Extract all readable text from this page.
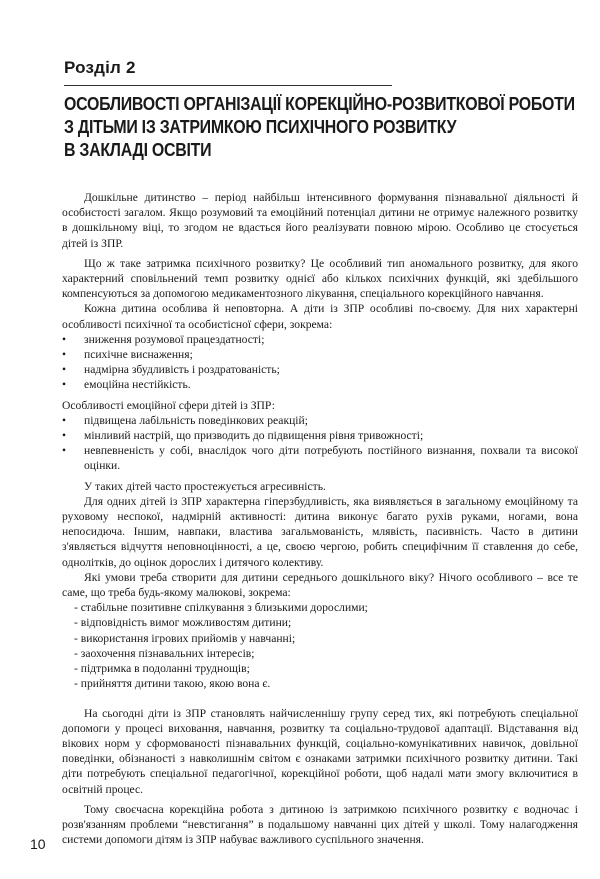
Розділ 2
ОСОБЛИВОСТІ ОРГАНІЗАЦІЇ КОРЕКЦІЙНО-РОЗВИТКОВОЇ РОБОТИ
З ДІТЬМИ ІЗ ЗАТРИМКОЮ ПСИХІЧНОГО РОЗВИТКУ
В ЗАКЛАДІ ОСВІТИ

Дошкільне дитинство – період найбільш інтенсивного формування пізнавальної діяльності й особистості загалом. Якщо розумовий та емоційний потенціал дитини не отримує належного розвитку в дошкільному віці, то згодом не вдасться його реалізувати повною мірою. Особливо це стосується дітей із ЗПР.

Що ж таке затримка психічного розвитку? Це особливий тип аномального розвитку, для якого характерний сповільнений темп розвитку однієї або кількох психічних функцій, які здебільшого компенсуються за допомогою медикаментозного лікування, спеціального корекційного навчання.

Кожна дитина особлива й неповторна. А діти із ЗПР особливі по-своєму. Для них характерні особливості психічної та особистісної сфери, зокрема:

• зниження розумової працездатності;
• психічне виснаження;
• надмірна збудливість і роздратованість;
• емоційна нестійкість.

Особливості емоційної сфери дітей із ЗПР:

• підвищена лабільність поведінкових реакцій;
• мінливий настрій, що призводить до підвищення рівня тривожності;
• невпевненість у собі, внаслідок чого діти потребують постійного визнання, похвали та високої оцінки.

У таких дітей часто простежується агресивність.

Для одних дітей із ЗПР характерна гіперзбудливість, яка виявляється в загальному емоційному та руховому неспокої, надмірній активності: дитина виконує багато рухів руками, ногами, вона непосидюча. Іншим, навпаки, властива загальмованість, млявість, пасивність. Часто в дитини з'являється відчуття неповноцінності, а це, своєю чергою, робить специфічним її ставлення до себе, одноліткiв, до оцінок дорослих і дитячого колективу.

Які умови треба створити для дитини середнього дошкільного віку? Нічого особливого – все те саме, що треба будь-якому малюкові, зокрема:

- стабільне позитивне спілкування з близькими дорослими;
- відповідність вимог можливостям дитини;
- використання ігрових прийомів у навчанні;
- заохочення пізнавальних інтересів;
- підтримка в подоланні труднощів;
- прийняття дитини такою, якою вона є.

На сьогодні діти із ЗПР становлять найчисленнішу групу серед тих, які потребують спеціальної допомоги у процесі виховання, навчання, розвитку та соціально-трудової адаптації. Відставання від вікових норм у сформованості пізнавальних функцій, соціально-комунікативних навичок, довільної поведінки, обізнаності з навколишнім світом є ознаками затримки психічного розвитку дитини. Такі діти потребують спеціальної педагогічної, корекційної роботи, щоб надалі мати змогу включитися в освітній процес.

Тому своєчасна корекційна робота з дитиною із затримкою психічного розвитку є водночас і розв'язанням проблеми “невстигання” в подальшому навчанні цих дітей у школі. Тому налагодження системи допомоги дітям із ЗПР набуває важливого суспільного значення.

10
